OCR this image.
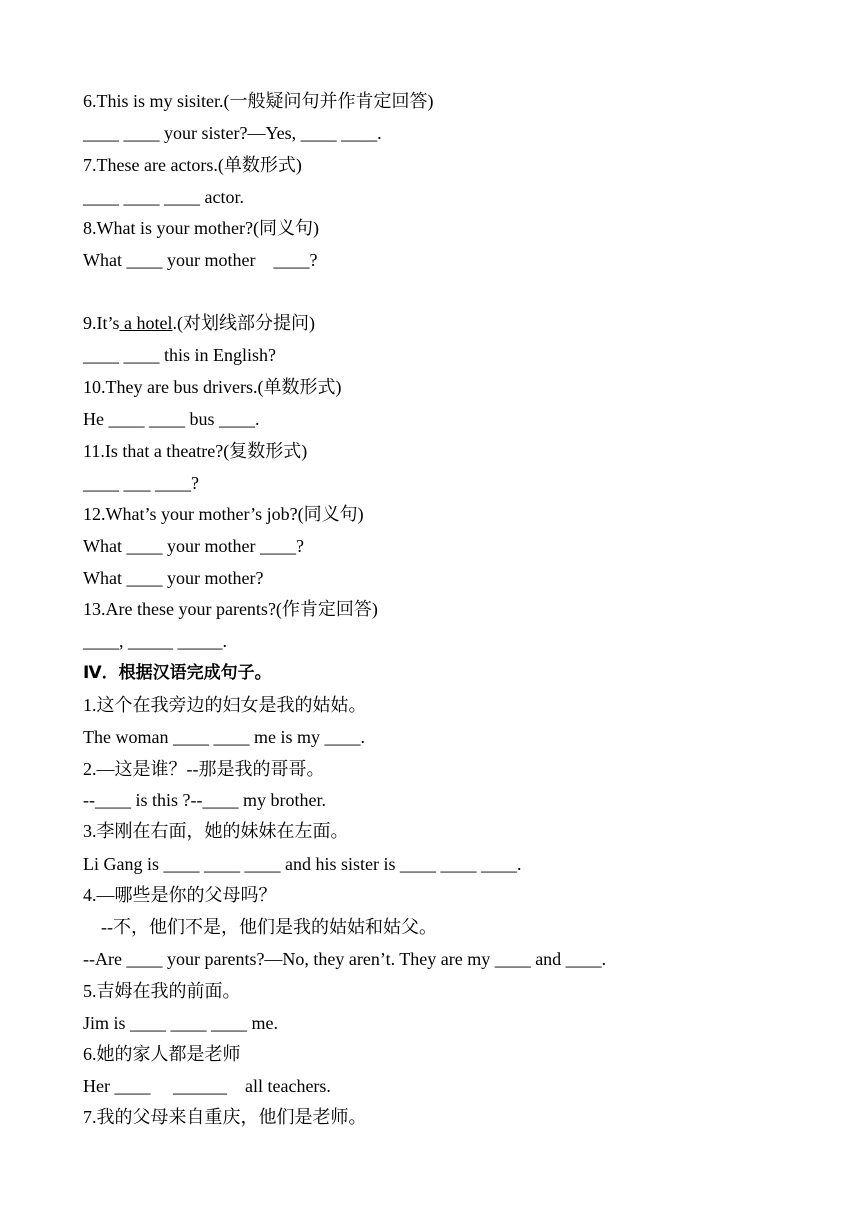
6.This is my sisiter.(一般疑问句并作肯定回答)
____ ____ your sister?—Yes, ____ ____.
7.These are actors.(单数形式)
____ ____ ____ actor.
8.What is your mother?(同义句)
What ____ your mother    ____?
9.It’s a hotel.(对划线部分提问)
____ ____ this in English?
10.They are bus drivers.(单数形式)
He ____ ____ bus ____.
11.Is that a theatre?(复数形式)
____ ___ ____?
12.What’s your mother’s job?(同义句)
What ____ your mother ____?
What ____ your mother?
13.Are these your parents?(作肯定回答)
____, _____ _____.
Ⅳ．根据汉语完成句子。
1.这个在我旁边的妇女是我的姑姑。
The woman ____ ____ me is my ____.
2.—这是谁？--那是我的哥哥。
--____ is this ?--____ my brother.
3.李刚在右面，她的妹妹在左面。
Li Gang is ____ ____ ____ and his sister is ____ ____ ____.
4.—哪些是你的父母吗？
--不，他们不是，他们是我的姑姑和姑父。
--Are ____ your parents?—No, they aren’t. They are my ____ and ____.
5.吉姆在我的前面。
Jim is ____ ____ ____ me.
6.她的家人都是老师
Her ____     ______    all teachers.
7.我的父母来自重庆，他们是老师。
